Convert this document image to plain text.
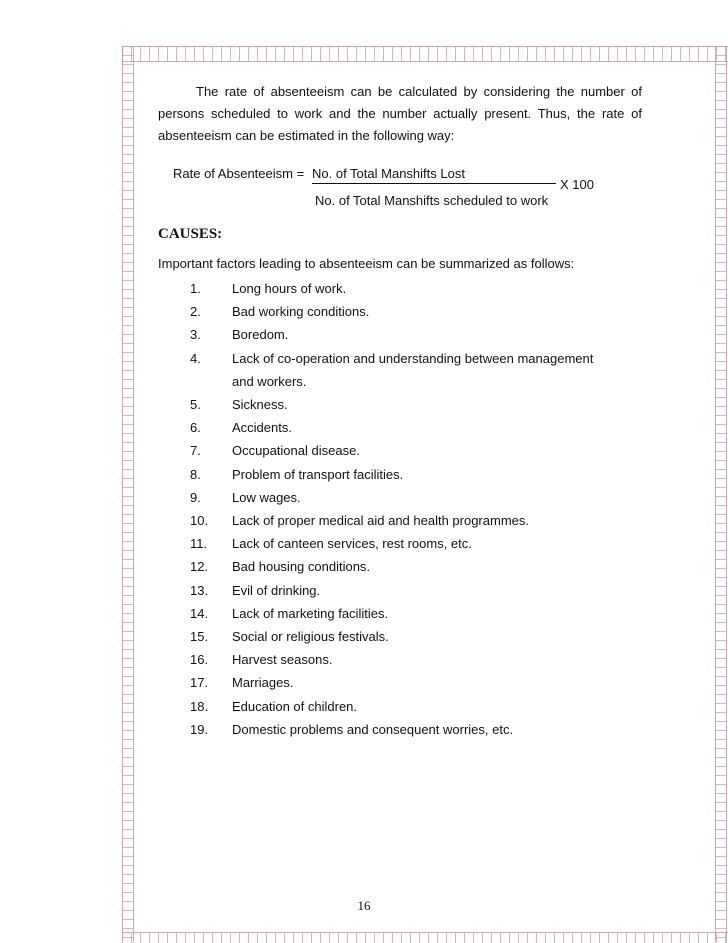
The rate of absenteeism can be calculated by considering the number of
persons scheduled to work and the number actually present. Thus, the rate of
absenteeism can be estimated in the following way:
Rate of Absenteeism = No. of Total Manshifts Lost
X 100
No. of Total Manshifts scheduled to work
CAUSES:
Important factors leading to absenteeism can be summarized as follows:
1.	Long hours of work.
2.	Bad working conditions.
3.	Boredom.
4.	Lack of co-operation and understanding between management
and workers.
5.	Sickness.
6.	Accidents.
7.	Occupational disease.
8.	Problem of transport facilities.
9.	Low wages.
10.	Lack of proper medical aid and health programmes.
11.	Lack of canteen services, rest rooms, etc.
12.	Bad housing conditions.
13.	Evil of drinking.
14.	Lack of marketing facilities.
15.	Social or religious festivals.
16.	Harvest seasons.
17.	Marriages.
18.	Education of children.
19.	Domestic problems and consequent worries, etc.
16
